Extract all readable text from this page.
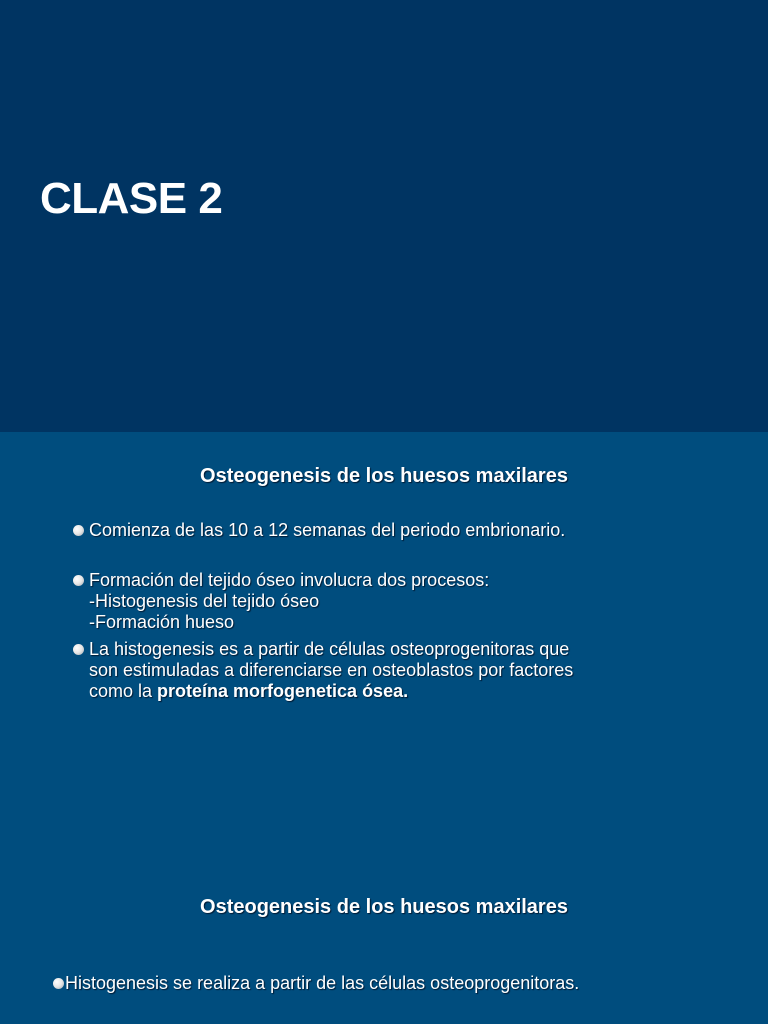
CLASE 2
Osteogenesis de los huesos maxilares
Comienza de las 10 a 12 semanas del periodo embrionario.
Formación del tejido óseo involucra dos procesos:
-Histogenesis del tejido óseo
-Formación hueso
La histogenesis es a partir de células osteoprogenitoras que
son estimuladas a diferenciarse en osteoblastos por factores
como la proteína morfogenetica ósea.
Osteogenesis de los huesos maxilares
Histogenesis se realiza a partir de las células osteoprogenitoras.
